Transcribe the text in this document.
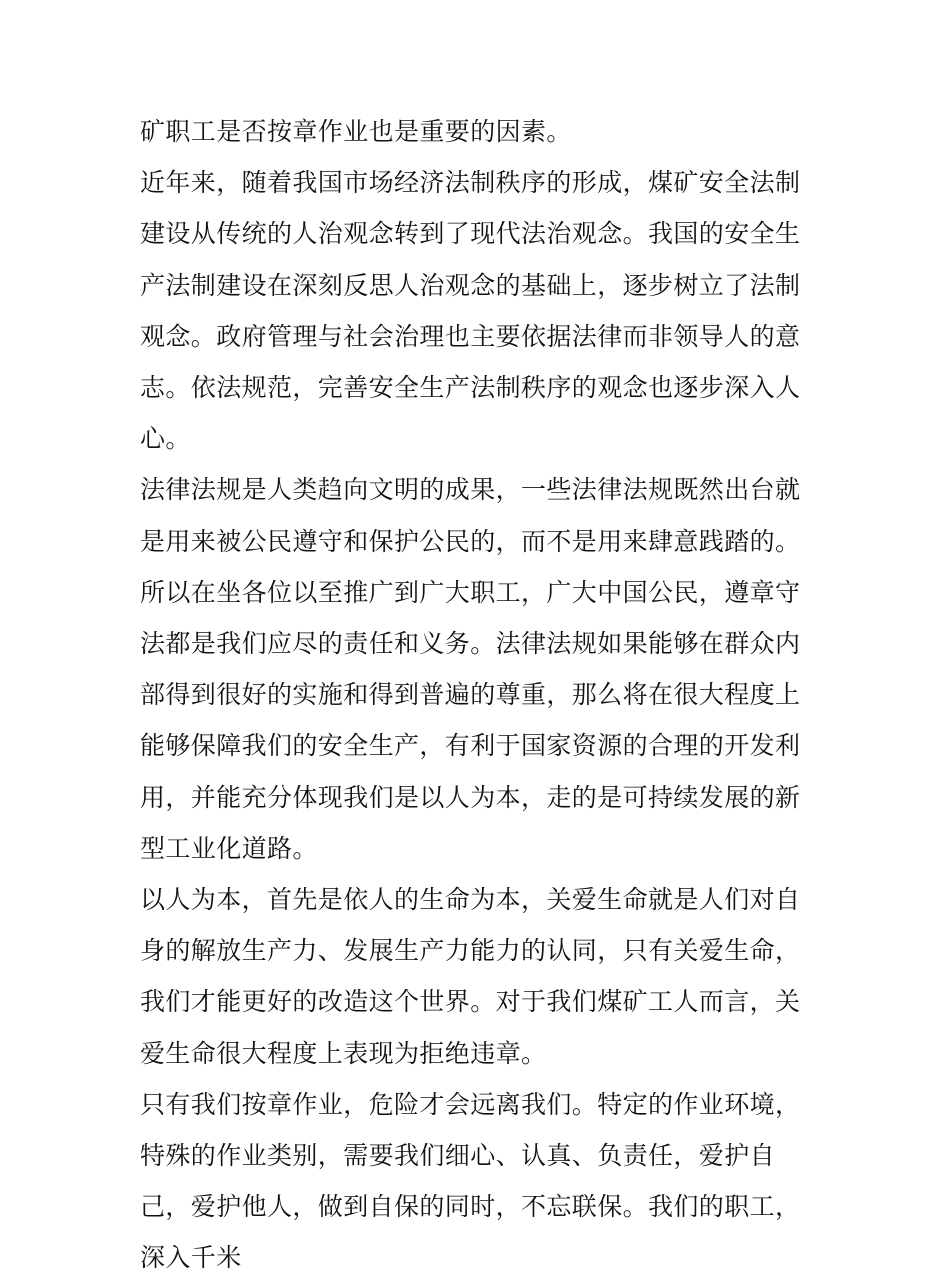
矿职工是否按章作业也是重要的因素。

近年来，随着我国市场经济法制秩序的形成，煤矿安全法制建设从传统的人治观念转到了现代法治观念。我国的安全生产法制建设在深刻反思人治观念的基础上，逐步树立了法制观念。政府管理与社会治理也主要依据法律而非领导人的意志。依法规范，完善安全生产法制秩序的观念也逐步深入人心。

法律法规是人类趋向文明的成果，一些法律法规既然出台就是用来被公民遵守和保护公民的，而不是用来肆意践踏的。所以在坐各位以至推广到广大职工，广大中国公民，遵章守法都是我们应尽的责任和义务。法律法规如果能够在群众内部得到很好的实施和得到普遍的尊重，那么将在很大程度上能够保障我们的安全生产，有利于国家资源的合理的开发利用，并能充分体现我们是以人为本，走的是可持续发展的新型工业化道路。

以人为本，首先是依人的生命为本，关爱生命就是人们对自身的解放生产力、发展生产力能力的认同，只有关爱生命，我们才能更好的改造这个世界。对于我们煤矿工人而言，关爱生命很大程度上表现为拒绝违章。

只有我们按章作业，危险才会远离我们。特定的作业环境，特殊的作业类别，需要我们细心、认真、负责任，爱护自己，爱护他人，做到自保的同时，不忘联保。我们的职工，深入千米
